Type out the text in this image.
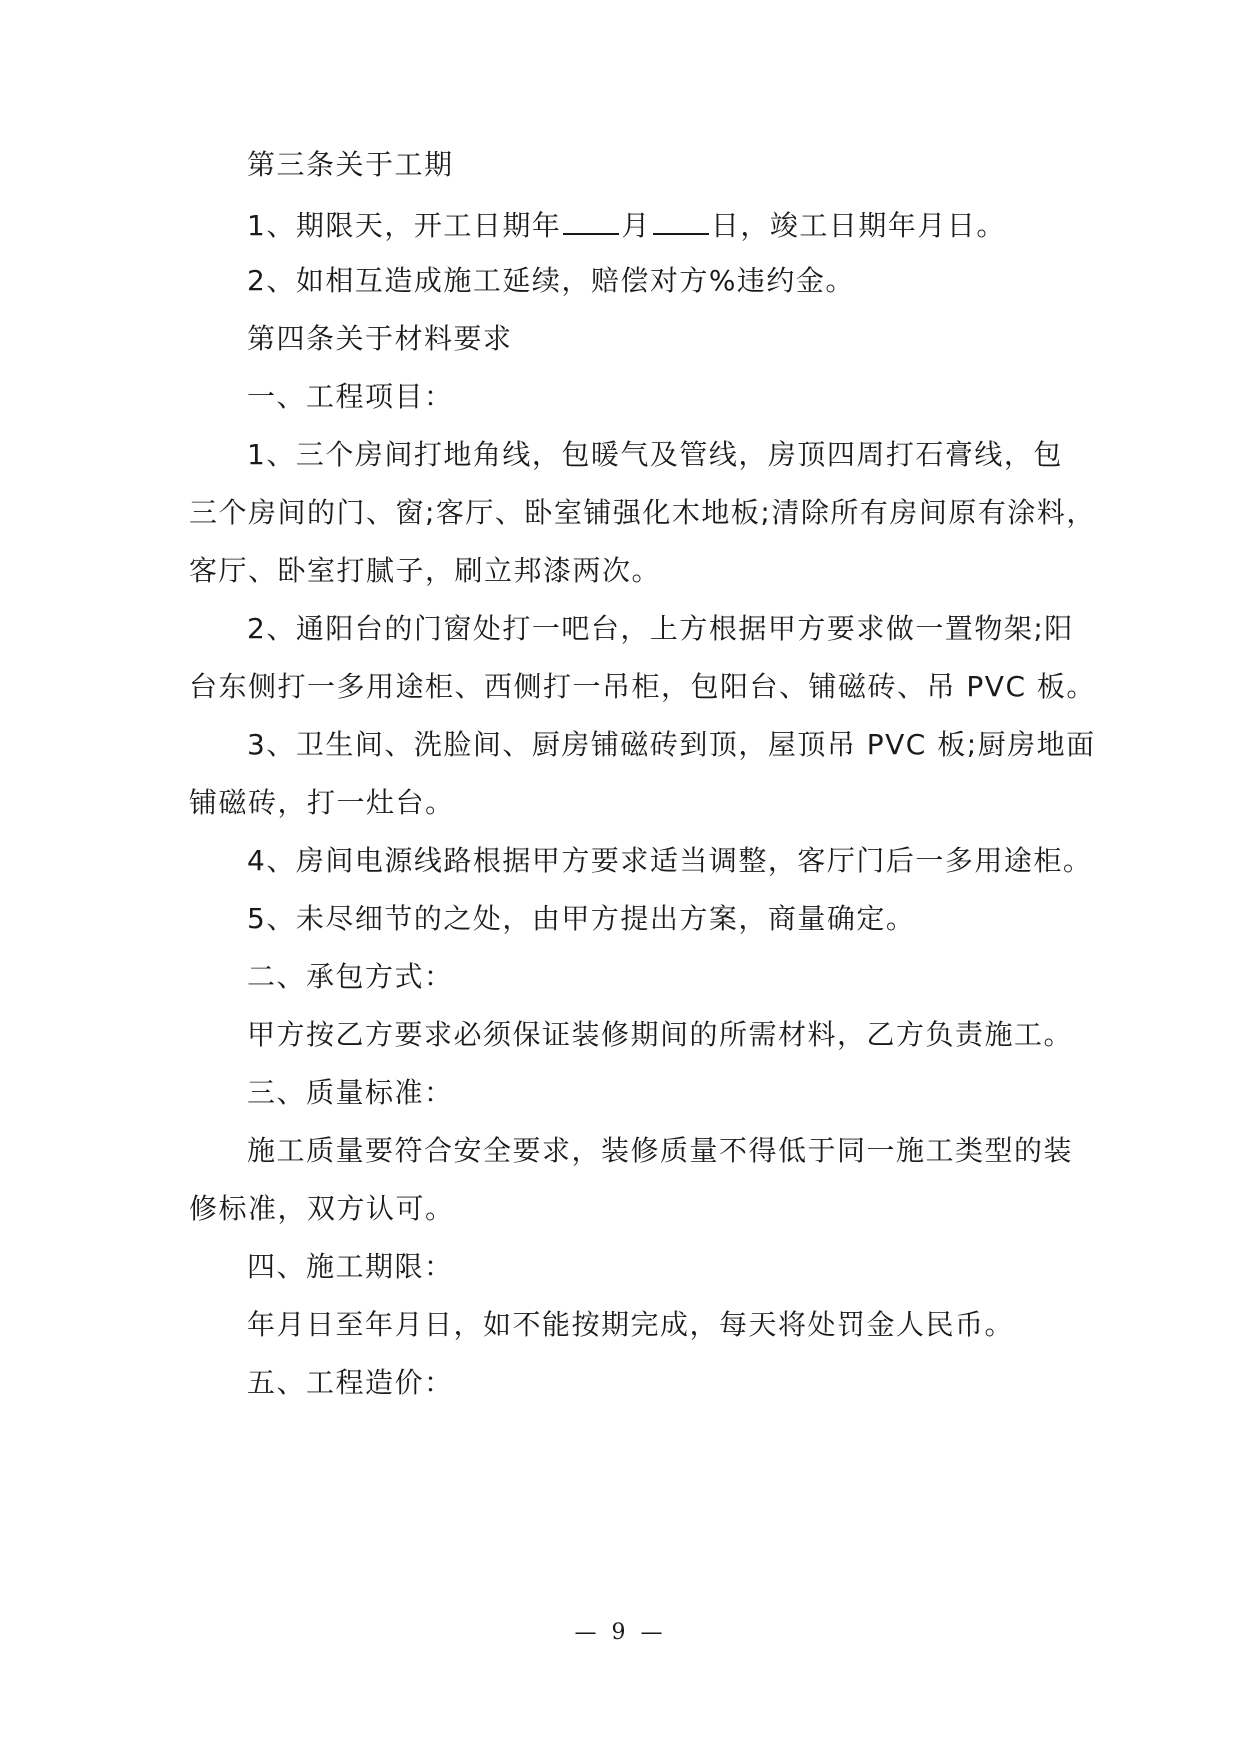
第三条关于工期
1、期限天，开工日期年 月 日，竣工日期年月日。
2、如相互造成施工延续，赔偿对方%违约金。
第四条关于材料要求
一、工程项目：
1、三个房间打地角线，包暖气及管线，房顶四周打石膏线，包
三个房间的门、窗;客厅、卧室铺强化木地板;清除所有房间原有涂料，
客厅、卧室打腻子，刷立邦漆两次。
2、通阳台的门窗处打一吧台，上方根据甲方要求做一置物架;阳
台东侧打一多用途柜、西侧打一吊柜，包阳台、铺磁砖、吊 PVC 板。
3、卫生间、洗脸间、厨房铺磁砖到顶，屋顶吊 PVC 板;厨房地面
铺磁砖，打一灶台。
4、房间电源线路根据甲方要求适当调整，客厅门后一多用途柜。
5、未尽细节的之处，由甲方提出方案，商量确定。
二、承包方式：
甲方按乙方要求必须保证装修期间的所需材料，乙方负责施工。
三、质量标准：
施工质量要符合安全要求，装修质量不得低于同一施工类型的装
修标准，双方认可。
四、施工期限：
年月日至年月日，如不能按期完成，每天将处罚金人民币。
五、工程造价：
— 9 —
